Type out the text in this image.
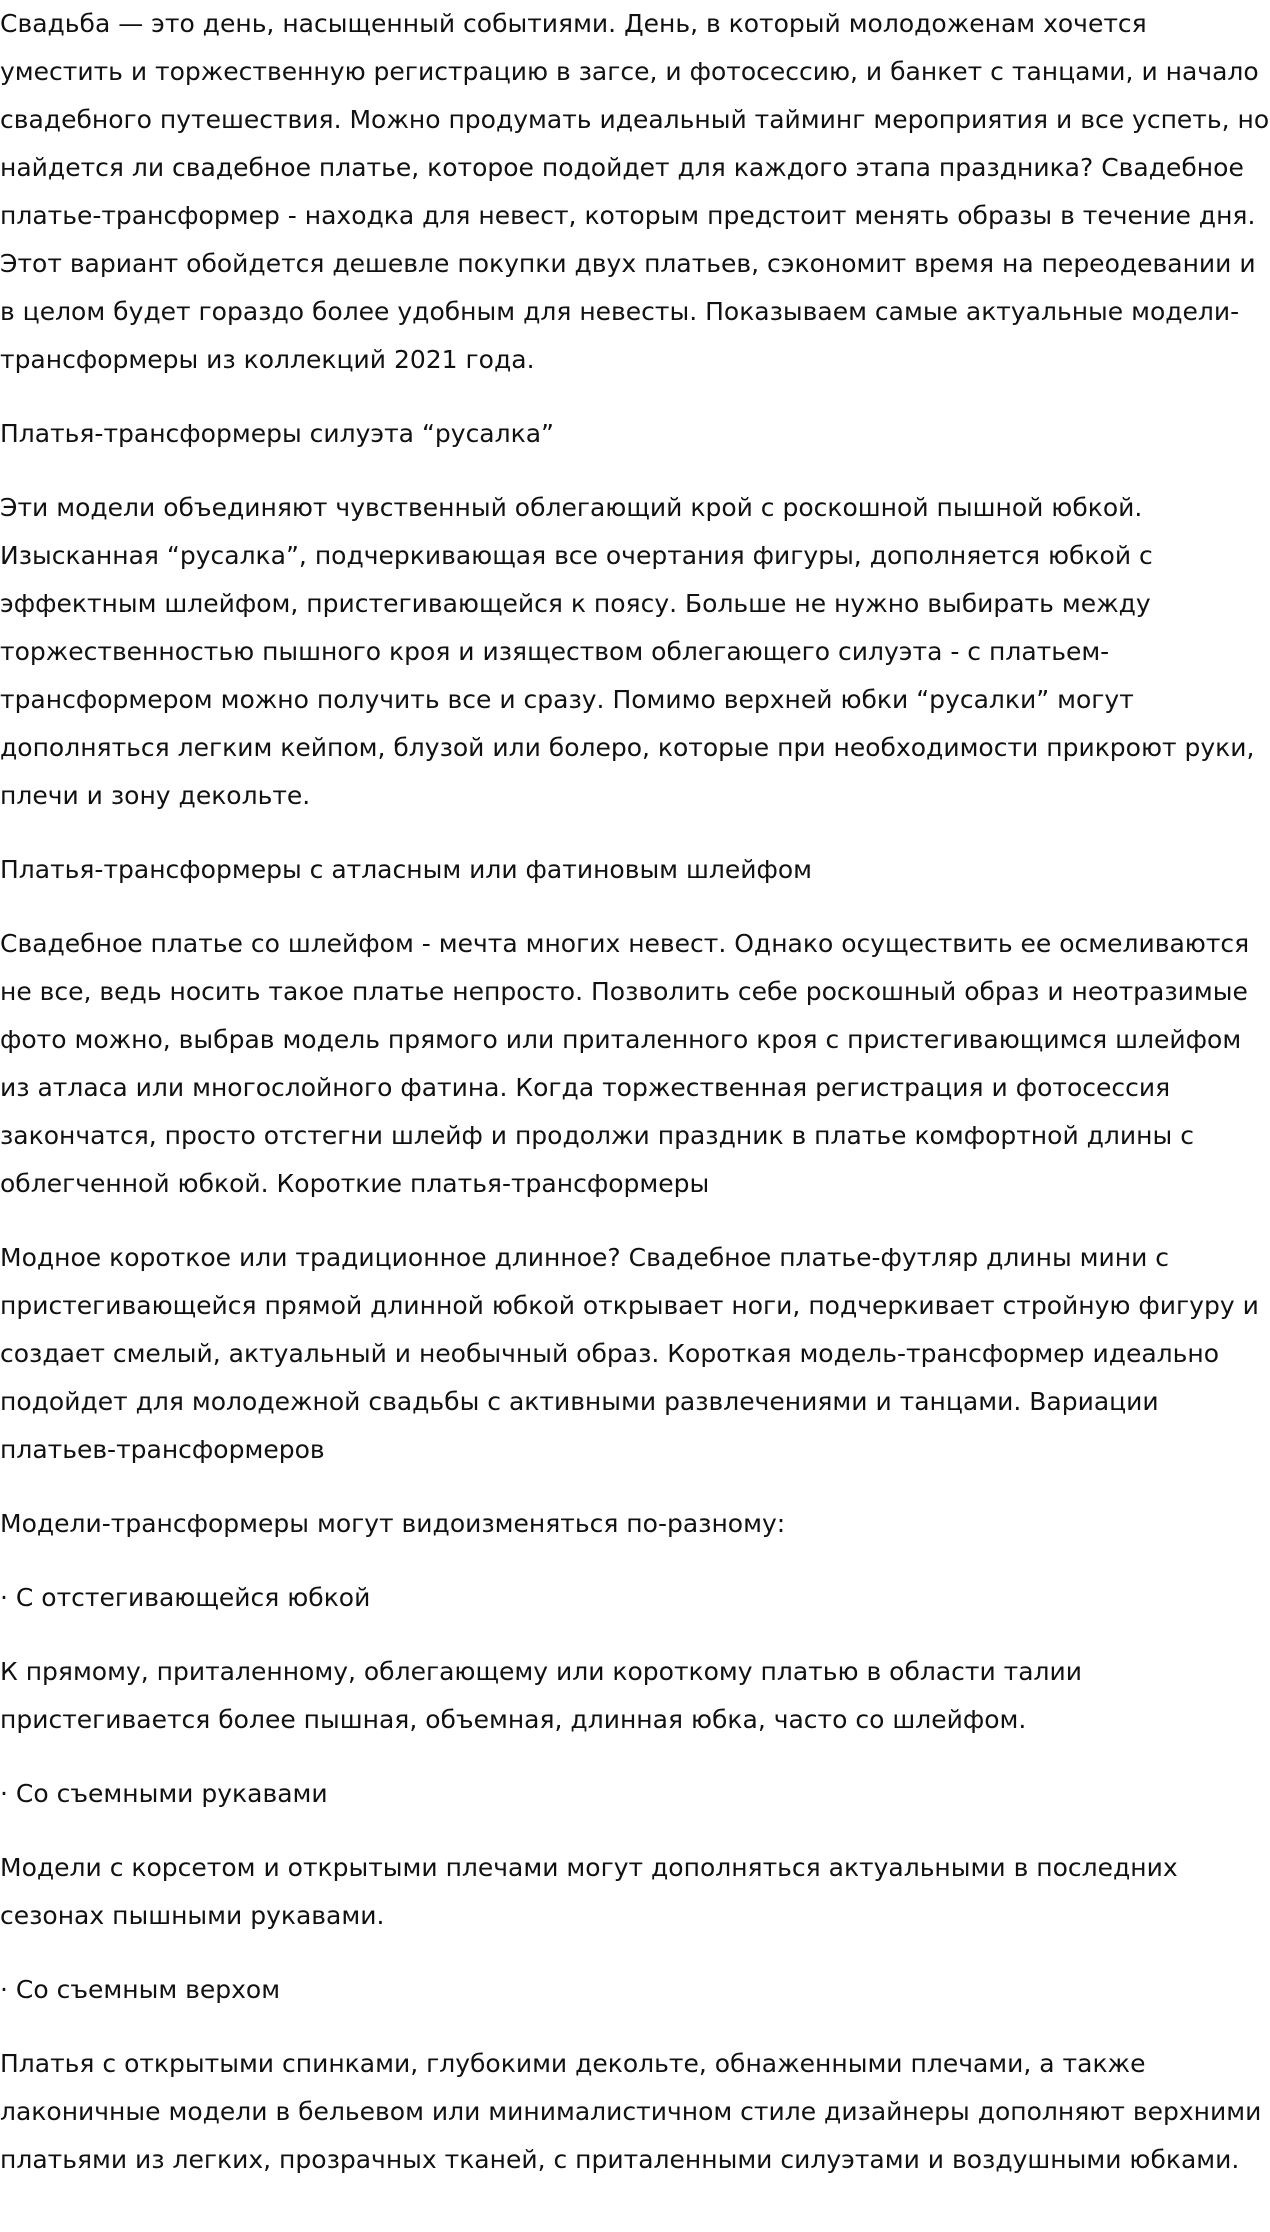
Свадьба — это день, насыщенный событиями. День, в который молодоженам хочется уместить и торжественную регистрацию в загсе, и фотосессию, и банкет с танцами, и начало свадебного путешествия. Можно продумать идеальный тайминг мероприятия и все успеть, но найдется ли свадебное платье, которое подойдет для каждого этапа праздника? Свадебное платье-трансформер - находка для невест, которым предстоит менять образы в течение дня. Этот вариант обойдется дешевле покупки двух платьев, сэкономит время на переодевании и в целом будет гораздо более удобным для невесты. Показываем самые актуальные модели-трансформеры из коллекций 2021 года.

Платья-трансформеры силуэта “русалка”

Эти модели объединяют чувственный облегающий крой с роскошной пышной юбкой. Изысканная “русалка”, подчеркивающая все очертания фигуры, дополняется юбкой с эффектным шлейфом, пристегивающейся к поясу. Больше не нужно выбирать между торжественностью пышного кроя и изяществом облегающего силуэта - с платьем-трансформером можно получить все и сразу. Помимо верхней юбки “русалки” могут дополняться легким кейпом, блузой или болеро, которые при необходимости прикроют руки, плечи и зону декольте.

Платья-трансформеры с атласным или фатиновым шлейфом

Свадебное платье со шлейфом - мечта многих невест. Однако осуществить ее осмеливаются не все, ведь носить такое платье непросто. Позволить себе роскошный образ и неотразимые фото можно, выбрав модель прямого или приталенного кроя с пристегивающимся шлейфом из атласа или многослойного фатина. Когда торжественная регистрация и фотосессия закончатся, просто отстегни шлейф и продолжи праздник в платье комфортной длины с облегченной юбкой. Короткие платья-трансформеры

Модное короткое или традиционное длинное? Свадебное платье-футляр длины мини с пристегивающейся прямой длинной юбкой открывает ноги, подчеркивает стройную фигуру и создает смелый, актуальный и необычный образ. Короткая модель-трансформер идеально подойдет для молодежной свадьбы с активными развлечениями и танцами. Вариации платьев-трансформеров

Модели-трансформеры могут видоизменяться по-разному:

· С отстегивающейся юбкой

К прямому, приталенному, облегающему или короткому платью в области талии пристегивается более пышная, объемная, длинная юбка, часто со шлейфом.

· Со съемными рукавами

Модели с корсетом и открытыми плечами могут дополняться актуальными в последних сезонах пышными рукавами.

· Со съемным верхом

Платья с открытыми спинками, глубокими декольте, обнаженными плечами, а также лаконичные модели в бельевом или минималистичном стиле дизайнеры дополняют верхними платьями из легких, прозрачных тканей, с приталенными силуэтами и воздушными юбками.
